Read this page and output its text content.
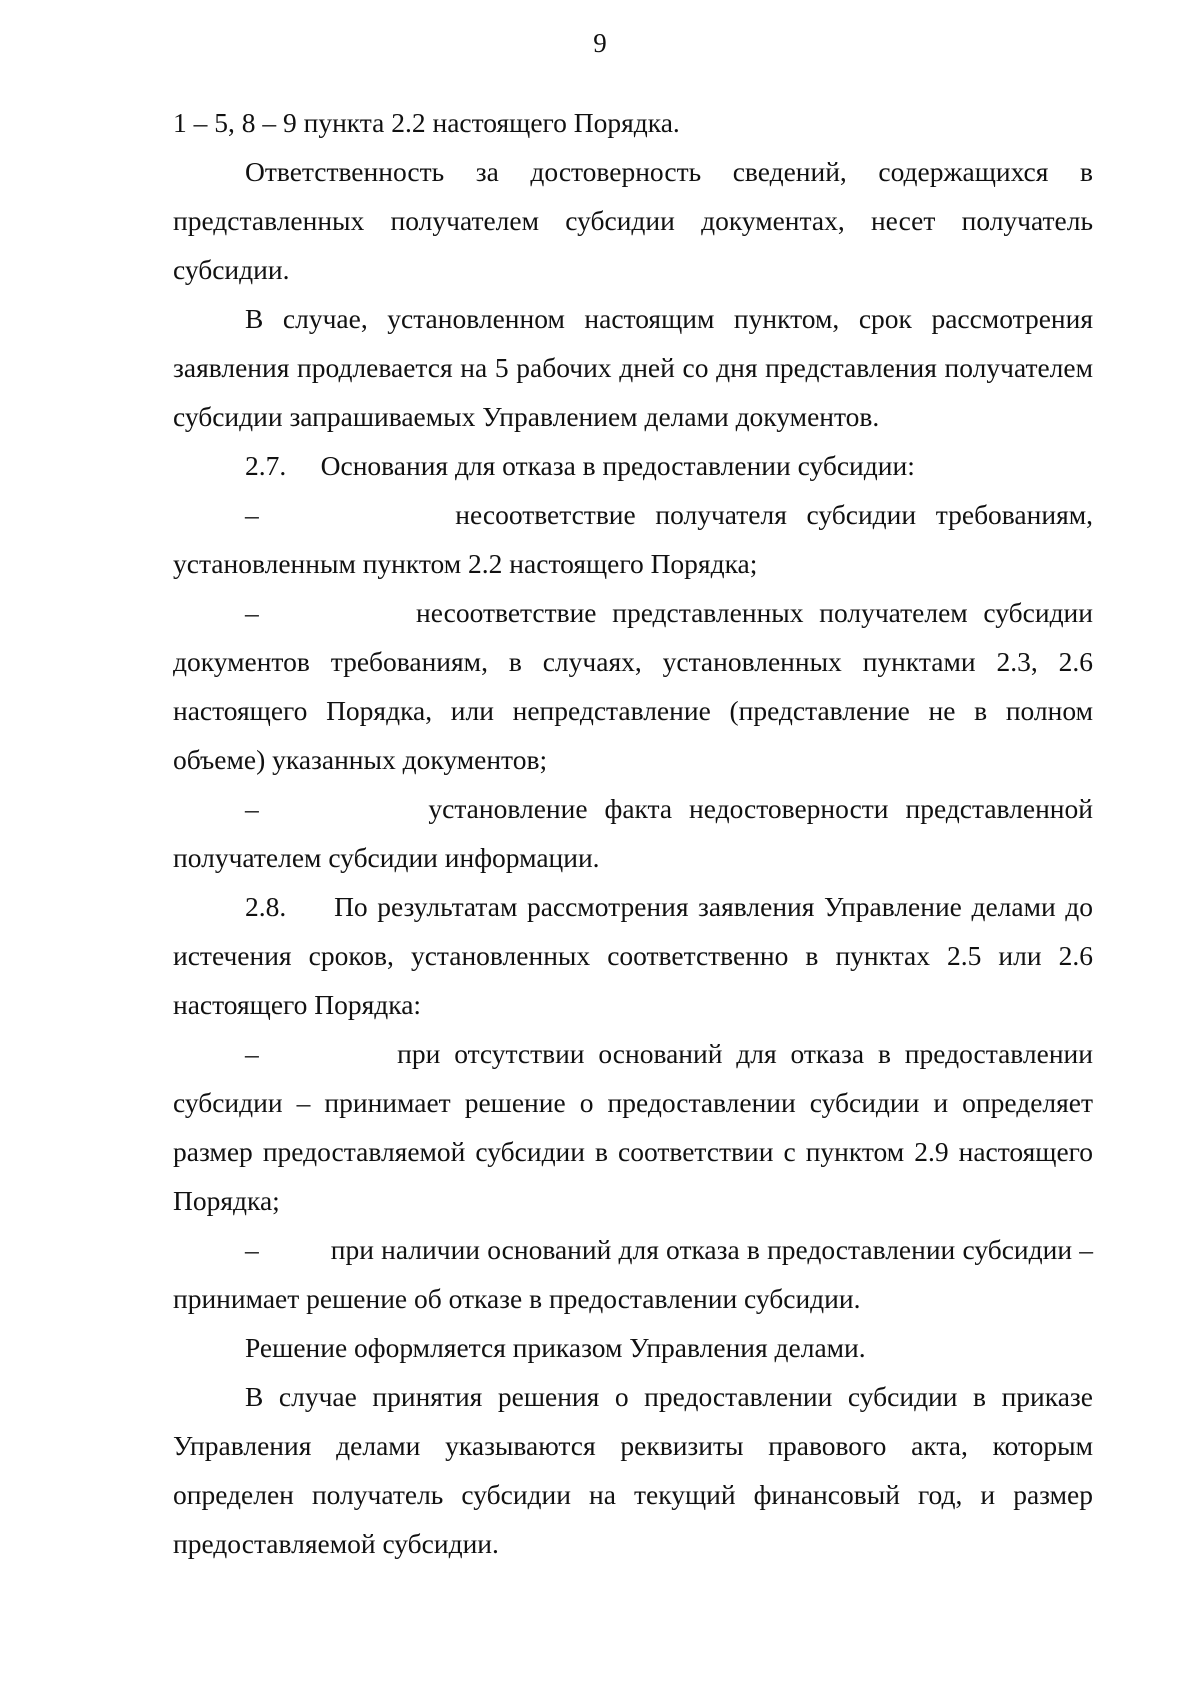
9

1 – 5, 8 – 9 пункта 2.2 настоящего Порядка.

Ответственность за достоверность сведений, содержащихся в представленных получателем субсидии документах, несет получатель субсидии.

В случае, установленном настоящим пунктом, срок рассмотрения заявления продлевается на 5 рабочих дней со дня представления получателем субсидии запрашиваемых Управлением делами документов.

2.7.     Основания для отказа в предоставлении субсидии:

–          несоответствие получателя субсидии требованиям, установленным пунктом 2.2 настоящего Порядка;

–          несоответствие представленных получателем субсидии документов требованиям, в случаях, установленных пунктами 2.3, 2.6 настоящего Порядка, или непредставление (представление не в полном объеме) указанных документов;

–          установление факта недостоверности представленной получателем субсидии информации.

2.8.     По результатам рассмотрения заявления Управление делами до истечения сроков, установленных соответственно в пунктах 2.5 или 2.6 настоящего Порядка:

–          при отсутствии оснований для отказа в предоставлении субсидии – принимает решение о предоставлении субсидии и определяет размер предоставляемой субсидии в соответствии с пунктом 2.9 настоящего Порядка;

–          при наличии оснований для отказа в предоставлении субсидии – принимает решение об отказе в предоставлении субсидии.

Решение оформляется приказом Управления делами.

В случае принятия решения о предоставлении субсидии в приказе Управления делами указываются реквизиты правового акта, которым определен получатель субсидии на текущий финансовый год, и размер предоставляемой субсидии.
